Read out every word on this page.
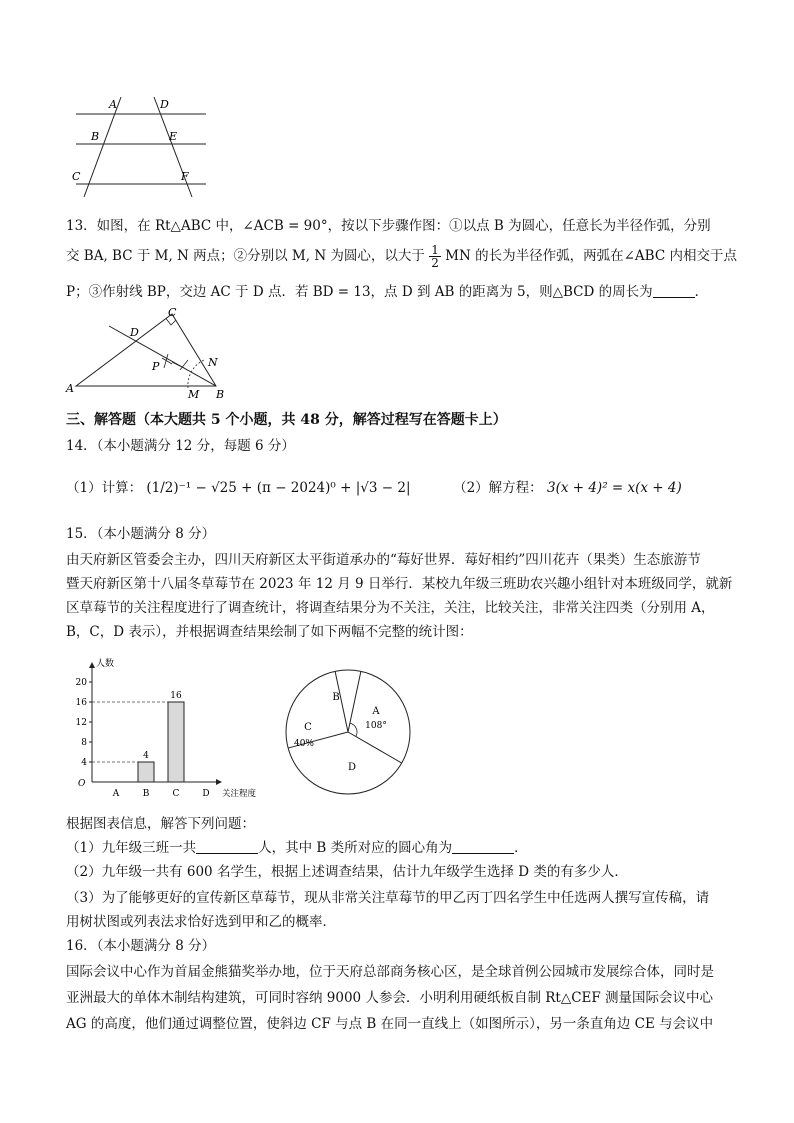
A	D
B	E
C	F
13．如图，在 Rt△ABC 中，∠ACB = 90°，按以下步骤作图：①以点 B 为圆心，任意长为半径作弧，分别
交 BA, BC 于 M, N 两点；②分别以 M, N 为圆心，以大于 $\frac{1}{2}$ MN 的长为半径作弧，两弧在∠ABC 内相交于点
P；③作射线 BP，交边 AC 于 D 点．若 BD = 13，点 D 到 AB 的距离为 5，则△BCD 的周长为	．
C
D
P	N
A	M B
三、解答题（本大题共 5 个小题，共 48 分，解答过程写在答题卡上）
14．（本小题满分 12 分，每题 6 分）
（1）计算： (1/2)⁻¹ − √25 + (π − 2024)⁰ + |√3 − 2|	（2）解方程： 3(x + 4)² = x(x + 4)
15．（本小题满分 8 分）
由天府新区管委会主办，四川天府新区太平街道承办的“莓好世界．莓好相约”四川花卉（果类）生态旅游节
暨天府新区第十八届冬草莓节在 2023 年 12 月 9 日举行．某校九年级三班助农兴趣小组针对本班级同学，就新
区草莓节的关注程度进行了调查统计，将调查结果分为不关注，关注，比较关注，非常关注四类（分别用 A，
B，C，D 表示），并根据调查结果绘制了如下两幅不完整的统计图：
人数
关注程度
O
4
8
12
16
20
A	B
4
C
16
D
A
108°
B
C
40%
D
根据图表信息，解答下列问题：
（1）九年级三班一共	人，其中 B 类所对应的圆心角为	．
（2）九年级一共有 600 名学生，根据上述调查结果，估计九年级学生选择 D 类的有多少人．
（3）为了能够更好的宣传新区草莓节，现从非常关注草莓节的甲乙丙丁四名学生中任选两人撰写宣传稿，请
用树状图或列表法求恰好选到甲和乙的概率．
16．（本小题满分 8 分）
国际会议中心作为首届金熊猫奖举办地，位于天府总部商务核心区，是全球首例公园城市发展综合体，同时是
亚洲最大的单体木制结构建筑，可同时容纳 9000 人参会．小明利用硬纸板自制 Rt△CEF 测量国际会议中心
AG 的高度，他们通过调整位置，使斜边 CF 与点 B 在同一直线上（如图所示），另一条直角边 CE 与会议中
